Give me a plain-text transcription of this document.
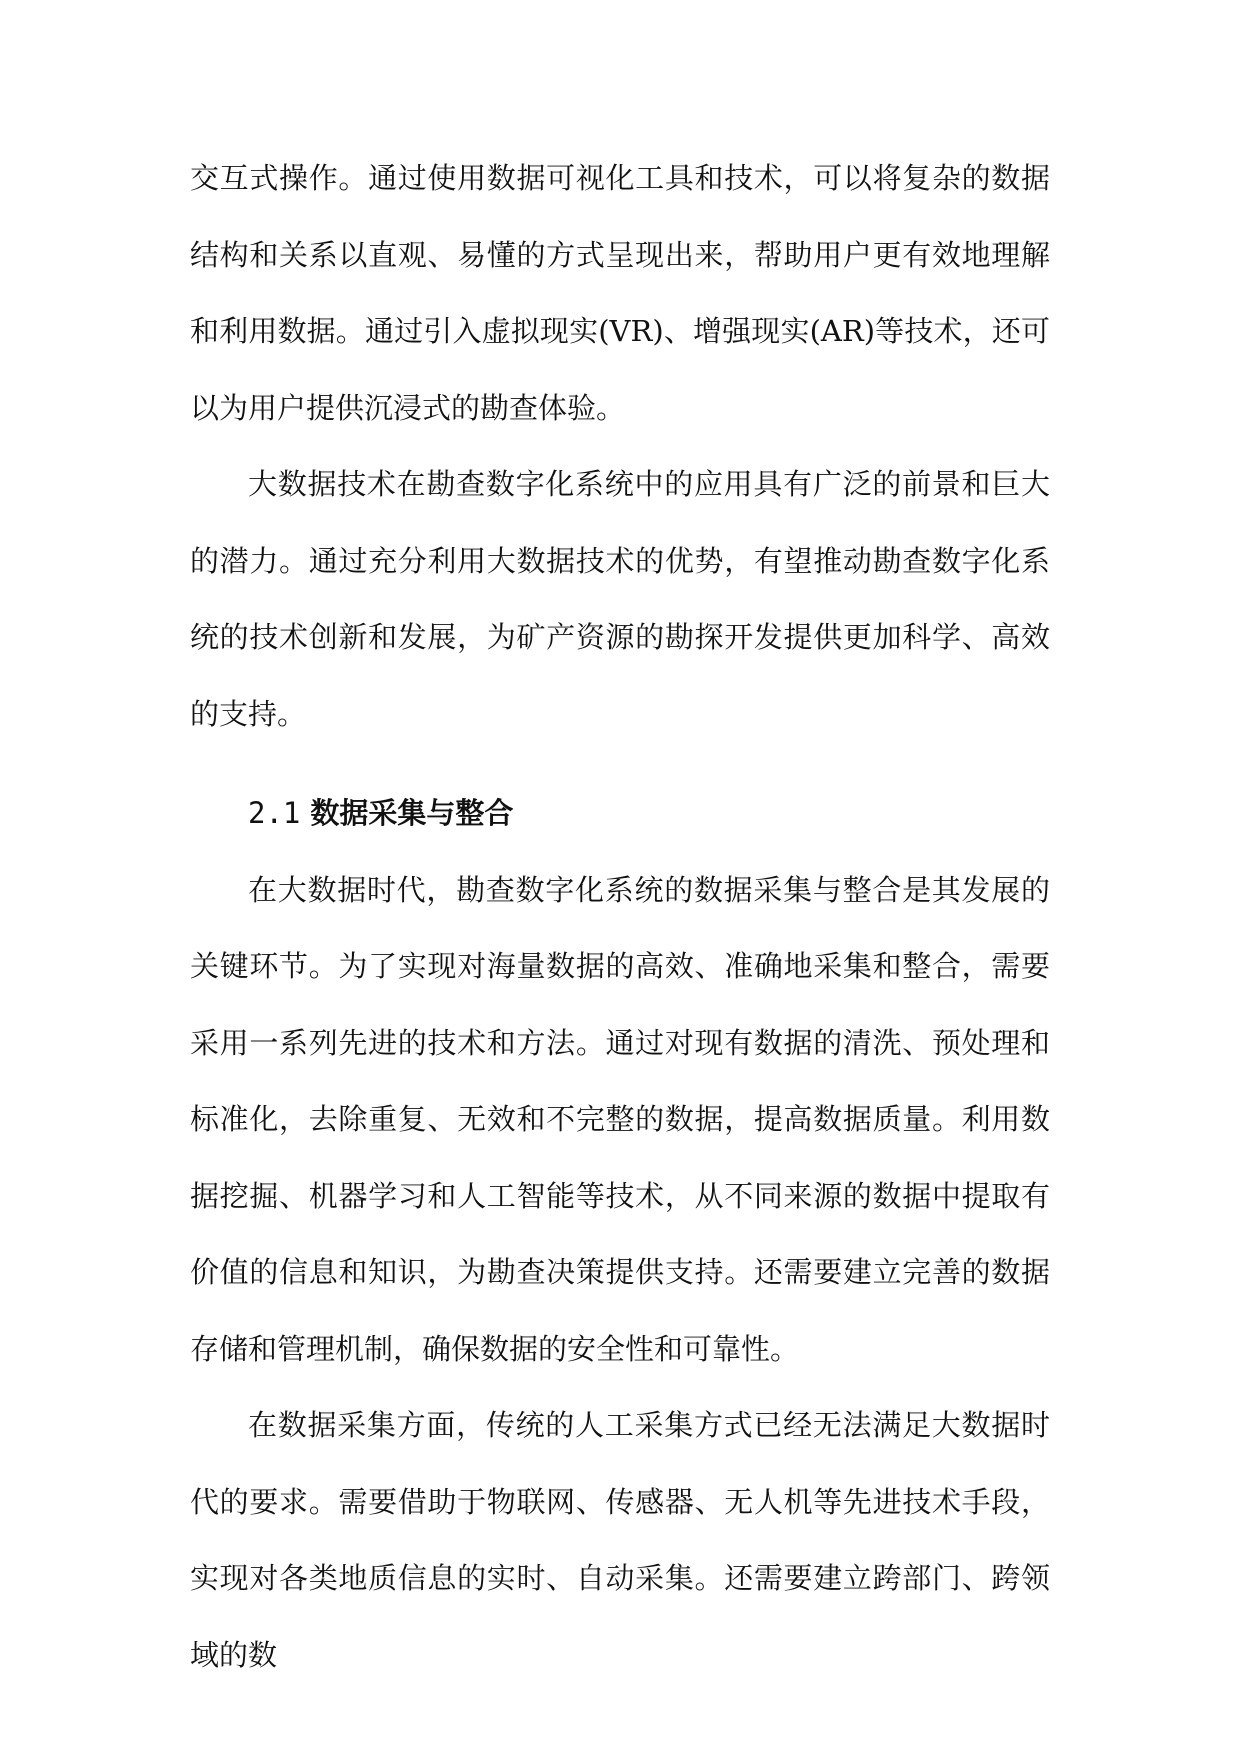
交互式操作。通过使用数据可视化工具和技术，可以将复杂的数据结构和关系以直观、易懂的方式呈现出来，帮助用户更有效地理解和利用数据。通过引入虚拟现实(VR)、增强现实(AR)等技术，还可以为用户提供沉浸式的勘查体验。

大数据技术在勘查数字化系统中的应用具有广泛的前景和巨大的潜力。通过充分利用大数据技术的优势，有望推动勘查数字化系统的技术创新和发展，为矿产资源的勘探开发提供更加科学、高效的支持。

2.1 数据采集与整合

在大数据时代，勘查数字化系统的数据采集与整合是其发展的关键环节。为了实现对海量数据的高效、准确地采集和整合，需要采用一系列先进的技术和方法。通过对现有数据的清洗、预处理和标准化，去除重复、无效和不完整的数据，提高数据质量。利用数据挖掘、机器学习和人工智能等技术，从不同来源的数据中提取有价值的信息和知识，为勘查决策提供支持。还需要建立完善的数据存储和管理机制，确保数据的安全性和可靠性。

在数据采集方面，传统的人工采集方式已经无法满足大数据时代的要求。需要借助于物联网、传感器、无人机等先进技术手段，实现对各类地质信息的实时、自动采集。还需要建立跨部门、跨领域的数
